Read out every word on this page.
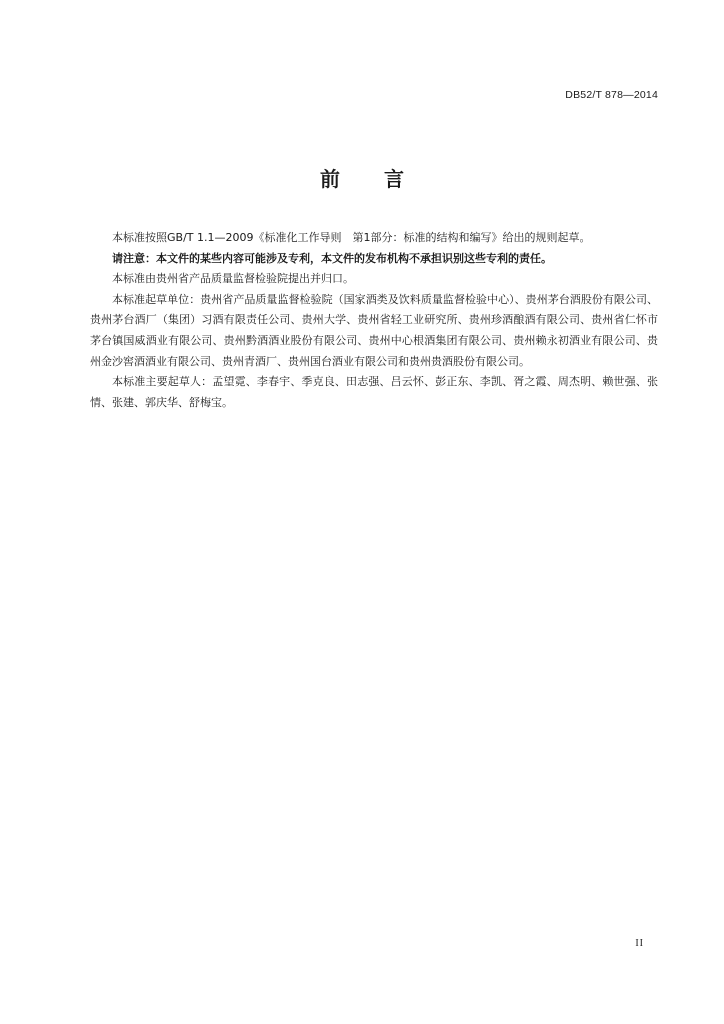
DB52/T 878—2014
前 言

本标准按照GB/T 1.1—2009《标准化工作导则　第1部分：标准的结构和编写》给出的规则起草。

请注意：本文件的某些内容可能涉及专利，本文件的发布机构不承担识别这些专利的责任。

本标准由贵州省产品质量监督检验院提出并归口。

本标准起草单位：贵州省产品质量监督检验院（国家酒类及饮料质量监督检验中心）、贵州茅台酒股份有限公司、贵州茅台酒厂（集团）习酒有限责任公司、贵州大学、贵州省轻工业研究所、贵州珍酒酿酒有限公司、贵州省仁怀市茅台镇国威酒业有限公司、贵州黔酒酒业股份有限公司、贵州中心根酒集团有限公司、贵州赖永初酒业有限公司、贵州金沙窖酒酒业有限公司、贵州青酒厂、贵州国台酒业有限公司和贵州贵酒股份有限公司。

本标准主要起草人：孟望霓、李春宇、季克良、田志强、吕云怀、彭正东、李凯、胥之霞、周杰明、赖世强、张情、张建、郭庆华、舒梅宝。

II
